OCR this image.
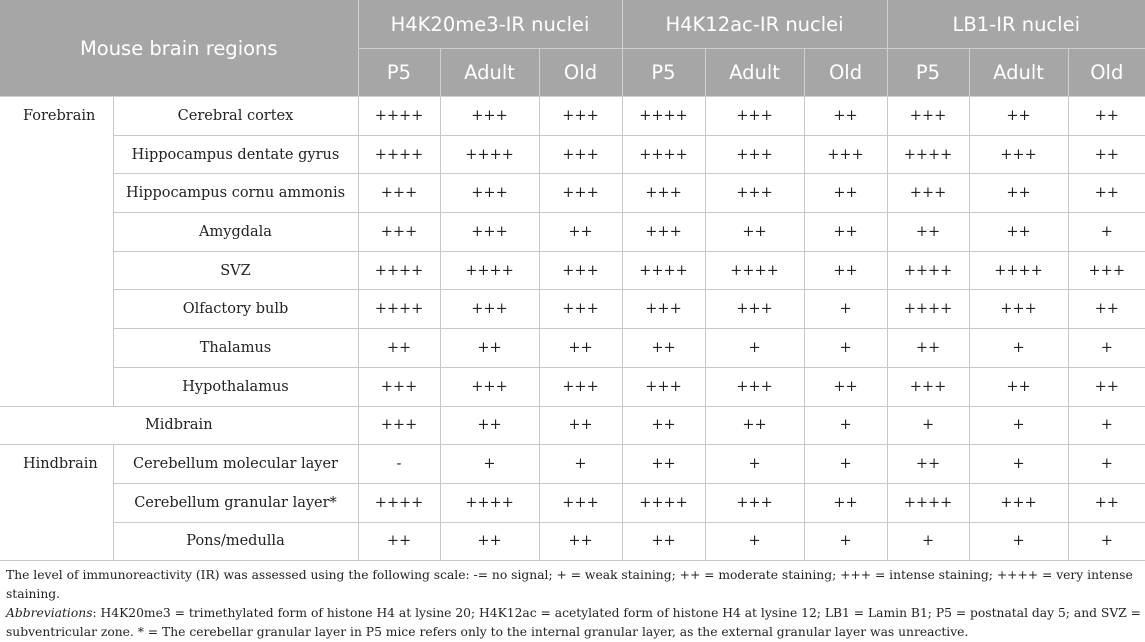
Mouse brain regions		H4K20me3-IR nuclei			H4K12ac-IR nuclei			LB1-IR nuclei		
		P5	Adult	Old	P5	Adult	Old	P5	Adult	Old
Forebrain	Cerebral cortex	++++	+++	+++	++++	+++	++	+++	++	++
	Hippocampus dentate gyrus	++++	++++	+++	++++	+++	+++	++++	+++	++
	Hippocampus cornu ammonis	+++	+++	+++	+++	+++	++	+++	++	++
	Amygdala	+++	+++	++	+++	++	++	++	++	+
	SVZ	++++	++++	+++	++++	++++	++	++++	++++	+++
	Olfactory bulb	++++	+++	+++	+++	+++	+	++++	+++	++
	Thalamus	++	++	++	++	+	+	++	+	+
	Hypothalamus	+++	+++	+++	+++	+++	++	+++	++	++
Midbrain		+++	++	++	++	++	+	+	+	+
Hindbrain	Cerebellum molecular layer	-	+	+	++	+	+	++	+	+
	Cerebellum granular layer*	++++	++++	+++	++++	+++	++	++++	+++	++
	Pons/medulla	++	++	++	++	+	+	+	+	+

The level of immunoreactivity (IR) was assessed using the following scale: -= no signal; + = weak staining; ++ = moderate staining; +++ = intense staining; ++++ = very intense staining.

Abbreviations: H4K20me3 = trimethylated form of histone H4 at lysine 20; H4K12ac = acetylated form of histone H4 at lysine 12; LB1 = Lamin B1; P5 = postnatal day 5; and SVZ = subventricular zone. * = The cerebellar granular layer in P5 mice refers only to the internal granular layer, as the external granular layer was unreactive.
